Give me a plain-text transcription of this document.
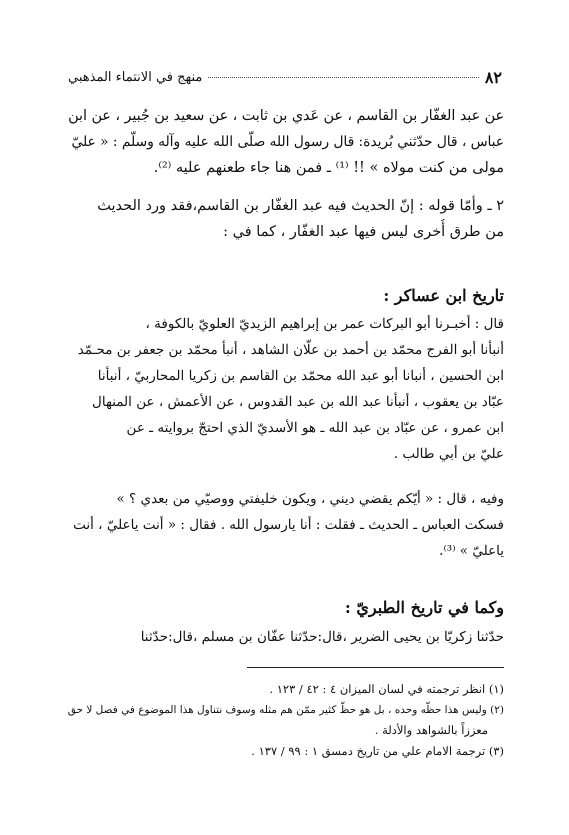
٨٢
منهج في الانتماء المذهبي
عن عبد الغفّار بن القاسم ، عن عَدي بن ثابت ، عن سعيد بن جُبير ، عن ابن
عباس ، قال حدّثني بُريدة: قال رسول الله صلّى الله عليه وآله وسلّم : « عليّ
مولى من كنت مولاه » !! ⁽¹⁾ ـ فمن هنا جاء طعنهم عليه ⁽²⁾.
٢ ـ وأمّا قوله : إنّ الحديث فيه عبد الغفّار بن القاسم،فقد ورد الحديث
من طرق أُخرى ليس فيها عبد الغفّار ، كما في :
تاريخ ابن عساكر :
قال : أخبـرنا أبو البركات عمر بن إبراهيم الزيديّ العلويّ بالكوفة ،
أنبأنا أبو الفرج محمّد بن أحمد بن علّان الشاهد ، أنبأ محمّد بن جعفر بن محـمّد
ابن الحسين ، أنبانا أبو عبد الله محمّد بن القاسم بن زكريا المحاربيّ ، أنبأنا
عبّاد بن يعقوب ، أنبأنا عبد الله بن عبد القدوس ، عن الأعمش ، عن المنهال
ابن عمرو ، عن عبّاد بن عبد الله ـ هو الأسديّ الذي احتجّ بروايته ـ عن
عليّ بن أبي طالب .
وفيه ، قال : « أيّكم يقضي ديني ، ويكون خليفتي ووصيّي من بعدي ؟ »
فسكت العباس ـ الحديث ـ فقلت : أنا يارسول الله . فقال : « أنت ياعليّ ، أنت
ياعليّ » ⁽³⁾.
وكما في تاريخ الطبريّ :
حدّثنا زكريّا بن يحيى الضرير ،قال:حدّثنا عفّان بن مسلم ،قال:حدّثنا
(١) انظر ترجمته في لسان الميزان ٤ : ٤٢ / ١٢٣ .
(٢) وليس هذا حظّه وحده ، بل هو حظّ كثير ممّن هم مثله وسوف نتناول هذا الموضوع في فصل لا حق
معززاً بالشواهد والأدلة .
(٣) ترجمة الامام علي من تاريخ دمسق ١ : ٩٩ / ١٣٧ .
